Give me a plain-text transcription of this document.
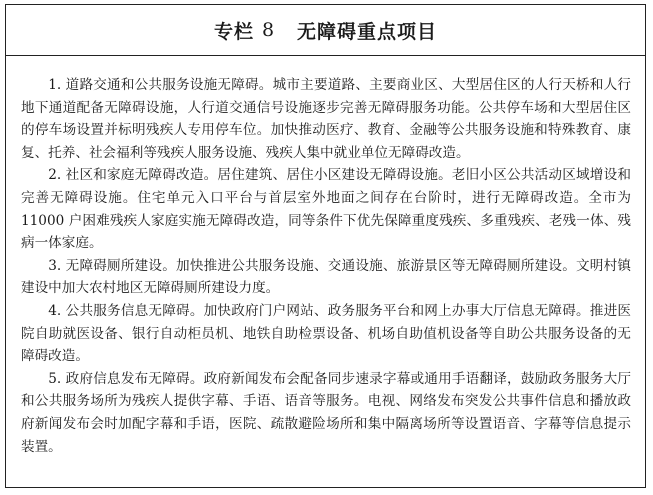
专栏 8 无障碍重点项目

1. 道路交通和公共服务设施无障碍。城市主要道路、主要商业区、大型居住区的人行天桥和人行地下通道配备无障碍设施，人行道交通信号设施逐步完善无障碍服务功能。公共停车场和大型居住区的停车场设置并标明残疾人专用停车位。加快推动医疗、教育、金融等公共服务设施和特殊教育、康复、托养、社会福利等残疾人服务设施、残疾人集中就业单位无障碍改造。

2. 社区和家庭无障碍改造。居住建筑、居住小区建设无障碍设施。老旧小区公共活动区域增设和完善无障碍设施。住宅单元入口平台与首层室外地面之间存在台阶时，进行无障碍改造。全市为 11000 户困难残疾人家庭实施无障碍改造，同等条件下优先保障重度残疾、多重残疾、老残一体、残病一体家庭。

3. 无障碍厕所建设。加快推进公共服务设施、交通设施、旅游景区等无障碍厕所建设。文明村镇建设中加大农村地区无障碍厕所建设力度。

4. 公共服务信息无障碍。加快政府门户网站、政务服务平台和网上办事大厅信息无障碍。推进医院自助就医设备、银行自动柜员机、地铁自助检票设备、机场自助值机设备等自助公共服务设备的无障碍改造。

5. 政府信息发布无障碍。政府新闻发布会配备同步速录字幕或通用手语翻译，鼓励政务服务大厅和公共服务场所为残疾人提供字幕、手语、语音等服务。电视、网络发布突发公共事件信息和播放政府新闻发布会时加配字幕和手语，医院、疏散避险场所和集中隔离场所等设置语音、字幕等信息提示装置。
